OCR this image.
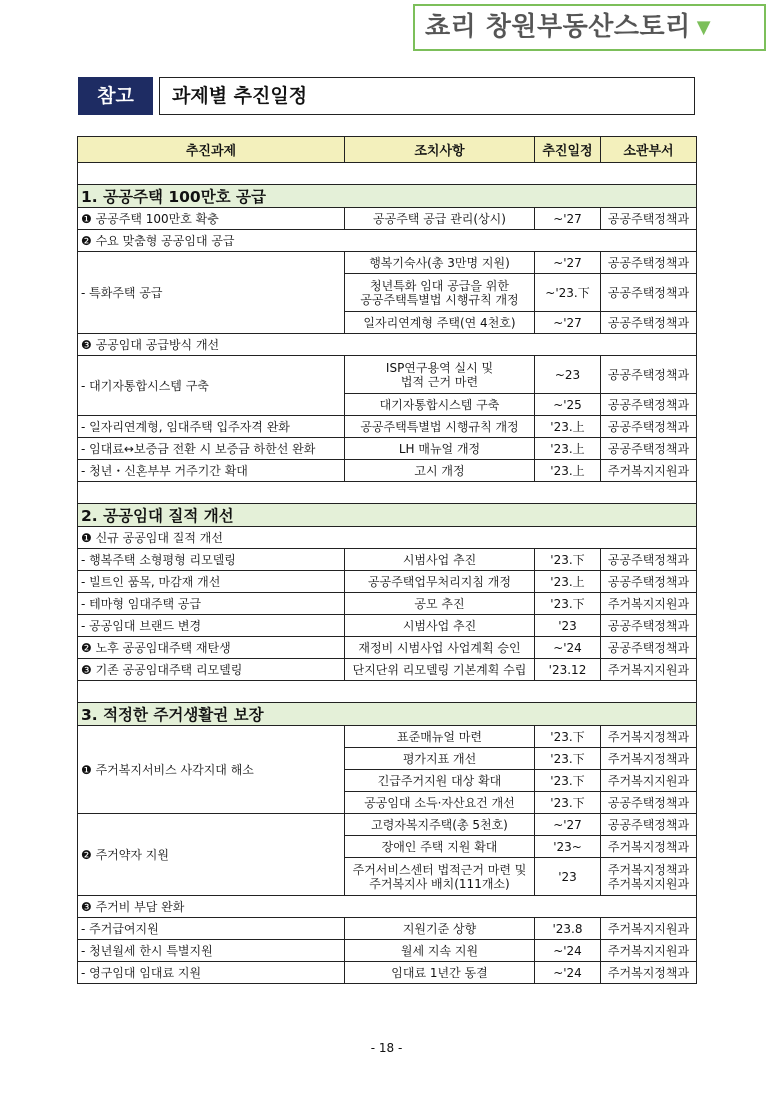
쵸리 창원부동산스토리 ▼
참고	과제별 추진일정
추진과제	조치사항	추진일정	소관부서

1. 공공주택 100만호 공급			
❶ 공공주택 100만호 확충	공공주택 공급 관리(상시)	~'27	공공주택정책과
❷ 수요 맞춤형 공공임대 공급			
- 특화주택 공급	행복기숙사(총 3만명 지원)	~'27	공공주택정책과
	청년특화 임대 공급을 위한
공공주택특별법 시행규칙 개정	~'23.下	공공주택정책과
	일자리연계형 주택(연 4천호)	~'27	공공주택정책과
❸ 공공임대 공급방식 개선			
- 대기자통합시스템 구축	ISP연구용역 실시 및
법적 근거 마련	~23	공공주택정책과
	대기자통합시스템 구축	~'25	공공주택정책과
- 일자리연계형, 임대주택 입주자격 완화	공공주택특별법 시행규칙 개정	'23.上	공공주택정책과
- 임대료↔보증금 전환 시 보증금 하한선 완화	LH 매뉴얼 개정	'23.上	공공주택정책과
- 청년・신혼부부 거주기간 확대	고시 개정	'23.上	주거복지지원과

2. 공공임대 질적 개선			
❶ 신규 공공임대 질적 개선			
- 행복주택 소형평형 리모델링	시범사업 추진	'23.下	공공주택정책과
- 빌트인 품목, 마감재 개선	공공주택업무처리지침 개정	'23.上	공공주택정책과
- 테마형 임대주택 공급	공모 추진	'23.下	주거복지지원과
- 공공임대 브랜드 변경	시범사업 추진	'23	공공주택정책과
❷ 노후 공공임대주택 재탄생	재정비 시범사업 사업계획 승인	~'24	공공주택정책과
❸ 기존 공공임대주택 리모델링	단지단위 리모델링 기본계획 수립	'23.12	주거복지지원과

3. 적정한 주거생활권 보장			
❶ 주거복지서비스 사각지대 해소	표준매뉴얼 마련	'23.下	주거복지정책과
	평가지표 개선	'23.下	주거복지정책과
	긴급주거지원 대상 확대	'23.下	주거복지지원과
	공공임대 소득·자산요건 개선	'23.下	공공주택정책과
❷ 주거약자 지원	고령자복지주택(총 5천호)	~'27	공공주택정책과
	장애인 주택 지원 확대	'23~	주거복지정책과
	주거서비스센터 법적근거 마련 및
주거복지사 배치(111개소)	'23	주거복지정책과
주거복지지원과
❸ 주거비 부담 완화			
- 주거급여지원	지원기준 상향	'23.8	주거복지지원과
- 청년월세 한시 특별지원	월세 지속 지원	~'24	주거복지지원과
- 영구임대 임대료 지원	임대료 1년간 동결	~'24	주거복지정책과
- 18 -
